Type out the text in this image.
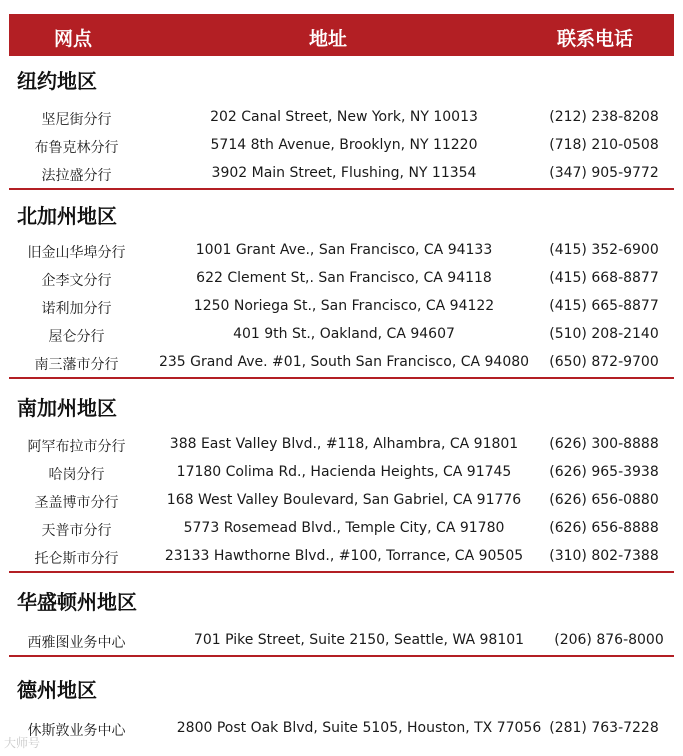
网点	地址	联系电话
纽约地区
坚尼街分行	202 Canal Street, New York, NY 10013	(212) 238-8208
布鲁克林分行	5714 8th Avenue, Brooklyn, NY 11220	(718) 210-0508
法拉盛分行	3902 Main Street, Flushing, NY 11354	(347) 905-9772
北加州地区
旧金山华埠分行	1001 Grant Ave., San Francisco, CA 94133	(415) 352-6900
企李文分行	622 Clement St,. San Francisco, CA 94118	(415) 668-8877
诺利加分行	1250 Noriega St., San Francisco, CA 94122	(415) 665-8877
屋仑分行	401 9th St., Oakland, CA 94607	(510) 208-2140
南三藩市分行	235 Grand Ave. #01, South San Francisco, CA 94080	(650) 872-9700
南加州地区
阿罕布拉市分行	388 East Valley Blvd., #118, Alhambra, CA 91801	(626) 300-8888
哈岗分行	17180 Colima Rd., Hacienda Heights, CA 91745	(626) 965-3938
圣盖博市分行	168 West Valley Boulevard, San Gabriel, CA 91776	(626) 656-0880
天普市分行	5773 Rosemead Blvd., Temple City, CA 91780	(626) 656-8888
托仑斯市分行	23133 Hawthorne Blvd., #100, Torrance, CA 90505	(310) 802-7388
华盛顿州地区
西雅图业务中心	701 Pike Street, Suite 2150, Seattle, WA 98101	(206) 876-8000
德州地区
休斯敦业务中心	2800 Post Oak Blvd, Suite 5105, Houston, TX 77056 (281) 763-7228
大师号
